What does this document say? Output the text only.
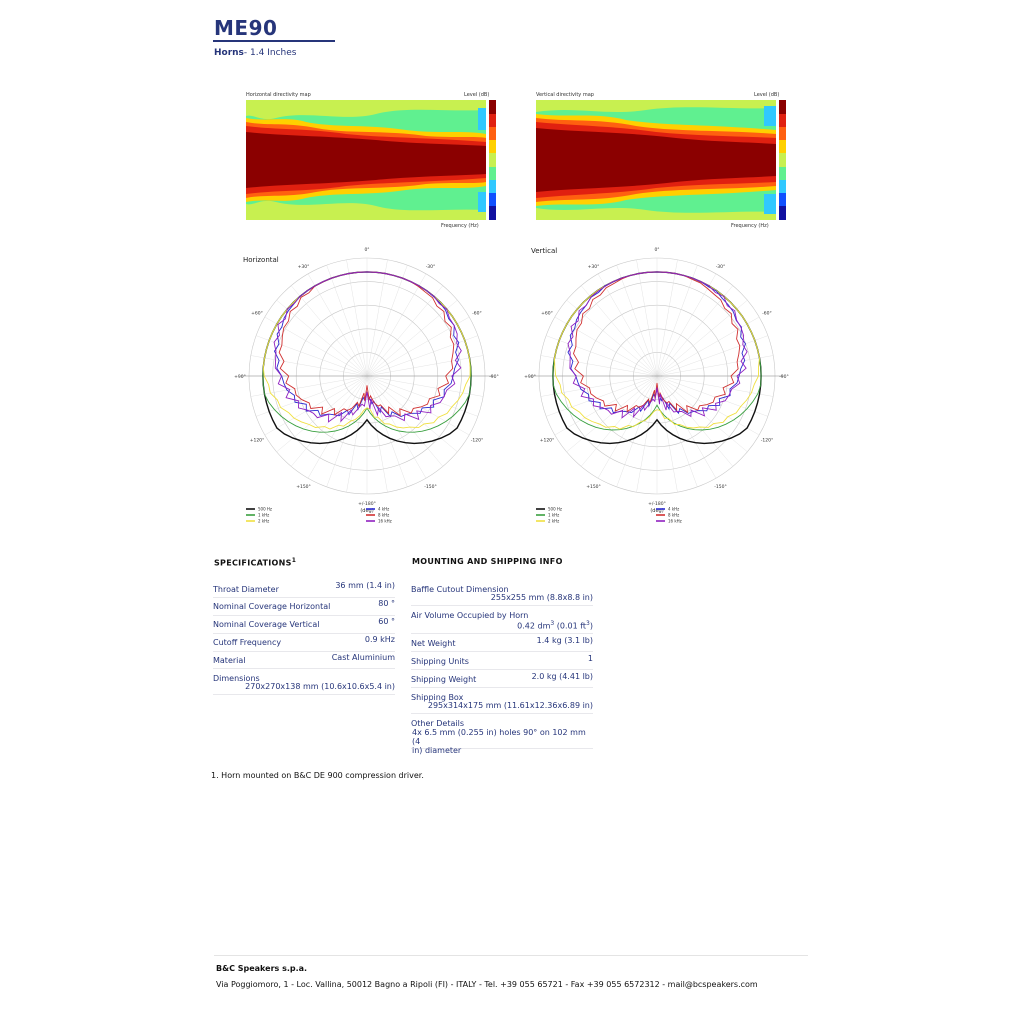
ME90
Horns- 1.4 Inches
Horizontal directivity map	Level (dB)
Frequency (Hz)
Vertical directivity map	Level (dB)
Frequency (Hz)
Horizontal
0°
-30°
-60°
-90°
-120°
-150°
+/-180°
+150°
+120°
+90°
+60°
+30°
(deg)
500 Hz
1 kHz
2 kHz
4 kHz
8 kHz
16 kHz
Vertical	0°
-30°
-60°
-90°
-120°
-150°
+/-180°
+150°
+120°
+90°
+60°
+30°
(deg)
500 Hz
1 kHz
2 kHz
4 kHz
8 kHz
16 kHz
SPECIFICATIONS$^1$
Throat Diameter	36 mm (1.4 in)
Nominal Coverage Horizontal	80 °
Nominal Coverage Vertical	60 °
Cutoff Frequency	0.9 kHz
Material	Cast Aluminium
Dimensions
270x270x138 mm (10.6x10.6x5.4 in)
MOUNTING AND SHIPPING INFO
Baffle Cutout Dimension
255x255 mm (8.8x8.8 in)
Air Volume Occupied by Horn
0.42 $dm^3$ (0.01 $ft^3$)
Net Weight	1.4 kg (3.1 lb)
Shipping Units	1
Shipping Weight	2.0 kg (4.41 lb)
Shipping Box
295x314x175 mm (11.61x12.36x6.89 in)
Other Details
4x 6.5 mm (0.255 in) holes 90° on 102 mm (4
in) diameter
1. Horn mounted on B&C DE 900 compression driver.
B&C Speakers s.p.a.
Via Poggiomoro, 1 - Loc. Vallina, 50012 Bagno a Ripoli (FI) - ITALY - Tel. +39 055 65721 - Fax +39 055 6572312 - mail@bcspeakers.com
